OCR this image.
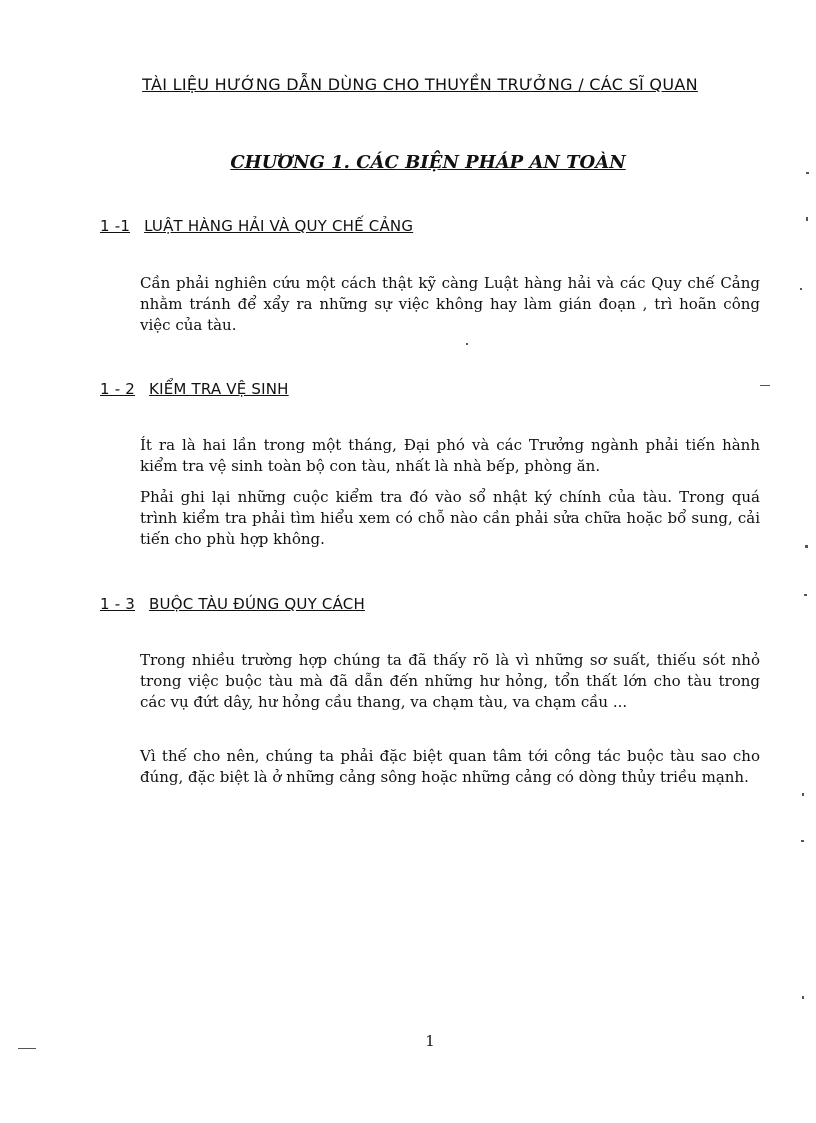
TÀI LIỆU HƯỚNG DẪN DÙNG CHO THUYỀN TRƯỞNG / CÁC SĨ QUAN
CHƯƠNG 1. CÁC BIỆN PHÁP AN TOÀN
1 -1 LUẬT HÀNG HẢI VÀ QUY CHẾ CẢNG

Cần phải nghiên cứu một cách thật kỹ càng Luật hàng hải và các Quy chế Cảng nhằm tránh để xẩy ra những sự việc không hay làm gián đoạn , trì hoãn công việc của tàu.

1 - 2 KIỂM TRA VỆ SINH

Ít ra là hai lần trong một tháng, Đại phó và các Trưởng ngành phải tiến hành kiểm tra vệ sinh toàn bộ con tàu, nhất là nhà bếp, phòng ăn.

Phải ghi lại những cuộc kiểm tra đó vào sổ nhật ký chính của tàu. Trong quá trình kiểm tra phải tìm hiểu xem có chỗ nào cần phải sửa chữa hoặc bổ sung, cải tiến cho phù hợp không.

1 - 3 BUỘC TÀU ĐÚNG QUY CÁCH

Trong nhiều trường hợp chúng ta đã thấy rõ là vì những sơ suất, thiếu sót nhỏ trong việc buộc tàu mà đã dẫn đến những hư hỏng, tổn thất lớn cho tàu trong các vụ đứt dây, hư hỏng cầu thang, va chạm tàu, va chạm cầu ...

Vì thế cho nên, chúng ta phải đặc biệt quan tâm tới công tác buộc tàu sao cho đúng, đặc biệt là ở những cảng sông hoặc những cảng có dòng thủy triều mạnh.

1
